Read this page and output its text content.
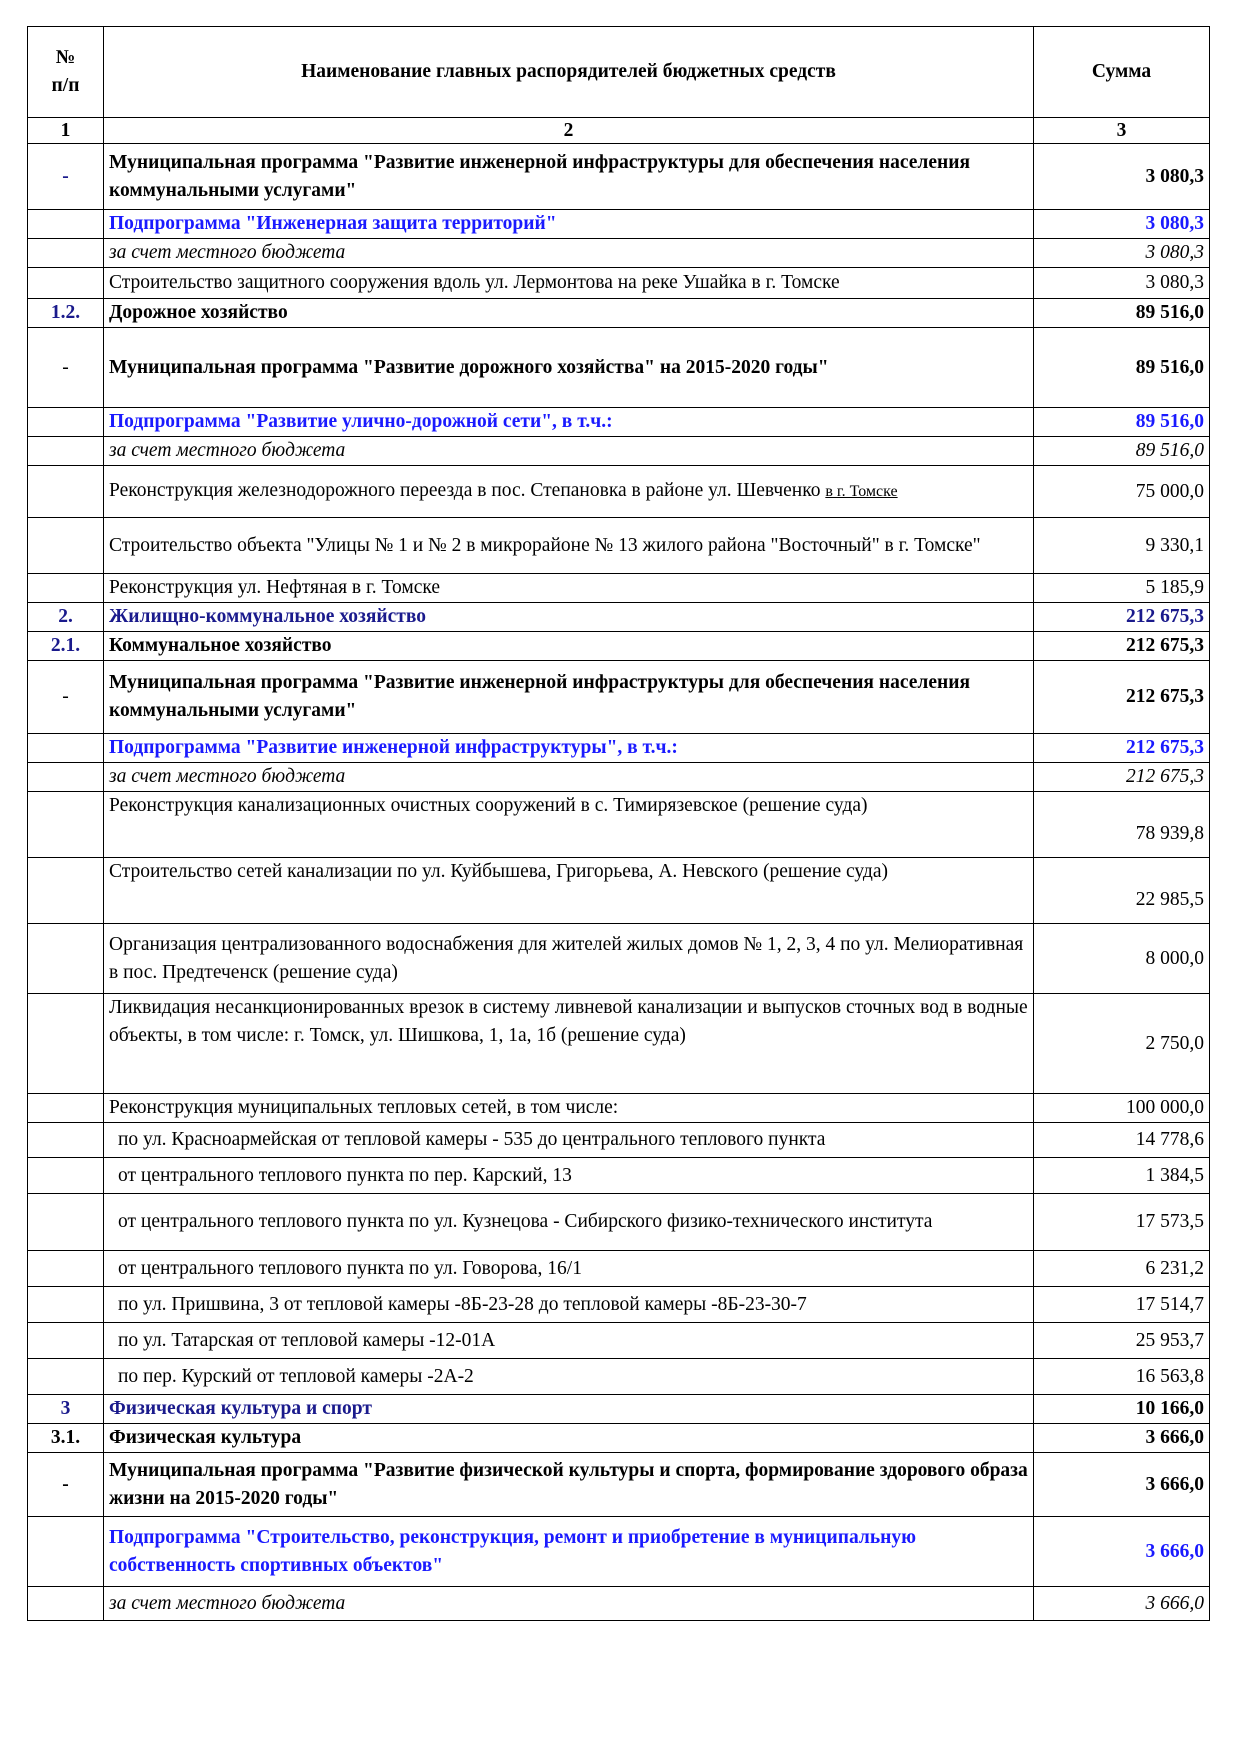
№
п/п	Наименование главных распорядителей бюджетных средств	Сумма
1	2	3
-	Муниципальная программа "Развитие инженерной инфраструктуры для обеспечения населения коммунальными услугами"	3 080,3
	Подпрограмма "Инженерная защита территорий"	3 080,3
	за счет местного бюджета	3 080,3
	Строительство защитного сооружения вдоль ул. Лермонтова на реке Ушайка в г. Томске	3 080,3
1.2.	Дорожное хозяйство	89 516,0
-	Муниципальная программа "Развитие дорожного хозяйства" на 2015-2020 годы"	89 516,0
	Подпрограмма "Развитие улично-дорожной сети", в т.ч.:	89 516,0
	за счет местного бюджета	89 516,0
	Реконструкция железнодорожного переезда в пос. Степановка в районе ул. Шевченко в г. Томске	75 000,0
	Строительство объекта "Улицы № 1 и № 2 в микрорайоне № 13 жилого района "Восточный" в г. Томске"	9 330,1
	Реконструкция ул. Нефтяная в г. Томске	5 185,9
2.	Жилищно-коммунальное хозяйство	212 675,3
2.1.	Коммунальное хозяйство	212 675,3
-	Муниципальная программа "Развитие инженерной инфраструктуры для обеспечения населения коммунальными услугами"	212 675,3
	Подпрограмма "Развитие инженерной инфраструктуры", в т.ч.:	212 675,3
	за счет местного бюджета	212 675,3
	Реконструкция канализационных очистных сооружений в с. Тимирязевское (решение суда)	78 939,8
	Строительство сетей канализации по ул. Куйбышева, Григорьева, А. Невского (решение суда)	22 985,5
	Организация централизованного водоснабжения для жителей жилых домов № 1, 2, 3, 4 по ул. Мелиоративная в пос. Предтеченск (решение суда)	8 000,0
	Ликвидация несанкционированных врезок в систему ливневой канализации и выпусков сточных вод в водные объекты, в том числе: г. Томск, ул. Шишкова, 1, 1а, 1б (решение суда)	2 750,0
	Реконструкция муниципальных тепловых сетей, в том числе:	100 000,0
	по ул. Красноармейская от тепловой камеры - 535 до центрального теплового пункта	14 778,6
	от центрального теплового пункта по пер. Карский, 13	1 384,5
	от центрального теплового пункта по ул. Кузнецова - Сибирского физико-технического института	17 573,5
	от центрального теплового пункта по ул. Говорова, 16/1	6 231,2
	по ул. Пришвина, 3 от тепловой камеры -8Б-23-28 до тепловой камеры -8Б-23-30-7	17 514,7
	по ул. Татарская от тепловой камеры -12-01А	25 953,7
	по пер. Курский от тепловой камеры -2А-2	16 563,8
3	Физическая культура и спорт	10 166,0
3.1.	Физическая культура	3 666,0
-	Муниципальная программа "Развитие физической культуры и спорта, формирование здорового образа жизни на 2015-2020 годы"	3 666,0
	Подпрограмма "Строительство, реконструкция, ремонт и приобретение в муниципальную собственность спортивных объектов"	3 666,0
	за счет местного бюджета	3 666,0
